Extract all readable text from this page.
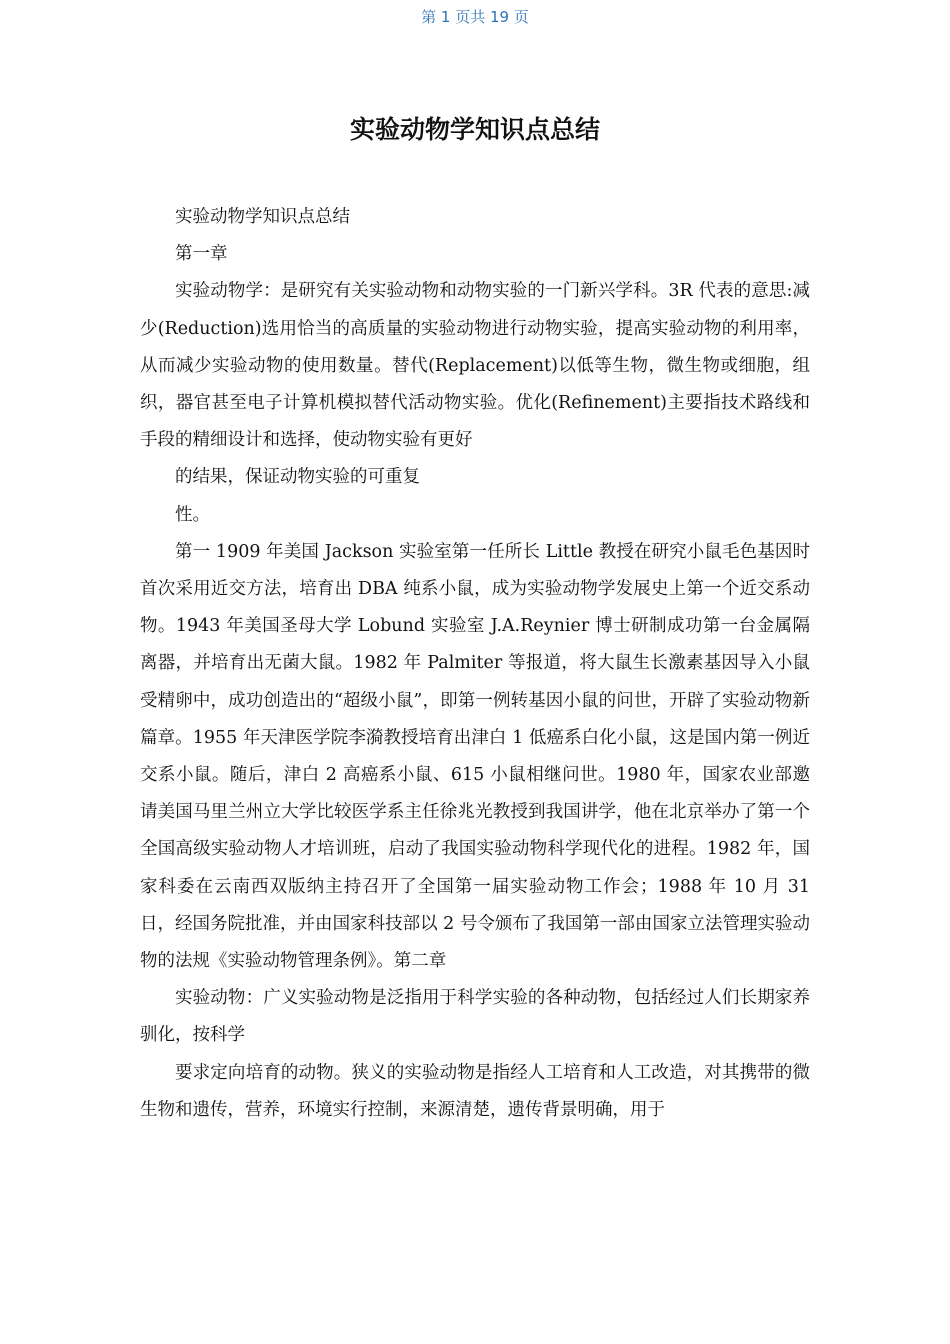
第 1 页共 19 页
实验动物学知识点总结

实验动物学知识点总结

第一章

实验动物学：是研究有关实验动物和动物实验的一门新兴学科。3R 代表的意思:减少(Reduction)选用恰当的高质量的实验动物进行动物实验，提高实验动物的利用率，从而减少实验动物的使用数量。替代(Replacement)以低等生物，微生物或细胞，组织，器官甚至电子计算机模拟替代活动物实验。优化(Refinement)主要指技术路线和手段的精细设计和选择，使动物实验有更好

的结果，保证动物实验的可重复

性。

第一 1909 年美国 Jackson 实验室第一任所长 Little 教授在研究小鼠毛色基因时首次采用近交方法，培育出 DBA 纯系小鼠，成为实验动物学发展史上第一个近交系动物。1943 年美国圣母大学 Lobund 实验室 J.A.Reynier 博士研制成功第一台金属隔离器，并培育出无菌大鼠。1982 年 Palmiter 等报道，将大鼠生长激素基因导入小鼠受精卵中，成功创造出的“超级小鼠”，即第一例转基因小鼠的问世，开辟了实验动物新篇章。1955 年天津医学院李漪教授培育出津白 1 低癌系白化小鼠，这是国内第一例近交系小鼠。随后，津白 2 高癌系小鼠、615 小鼠相继问世。1980 年，国家农业部邀请美国马里兰州立大学比较医学系主任徐兆光教授到我国讲学，他在北京举办了第一个全国高级实验动物人才培训班，启动了我国实验动物科学现代化的进程。1982 年，国家科委在云南西双版纳主持召开了全国第一届实验动物工作会；1988 年 10 月 31 日，经国务院批准，并由国家科技部以 2 号令颁布了我国第一部由国家立法管理实验动物的法规《实验动物管理条例》。第二章

实验动物：广义实验动物是泛指用于科学实验的各种动物，包括经过人们长期家养驯化，按科学

要求定向培育的动物。狭义的实验动物是指经人工培育和人工改造，对其携带的微生物和遗传，营养，环境实行控制，来源清楚，遗传背景明确，用于
